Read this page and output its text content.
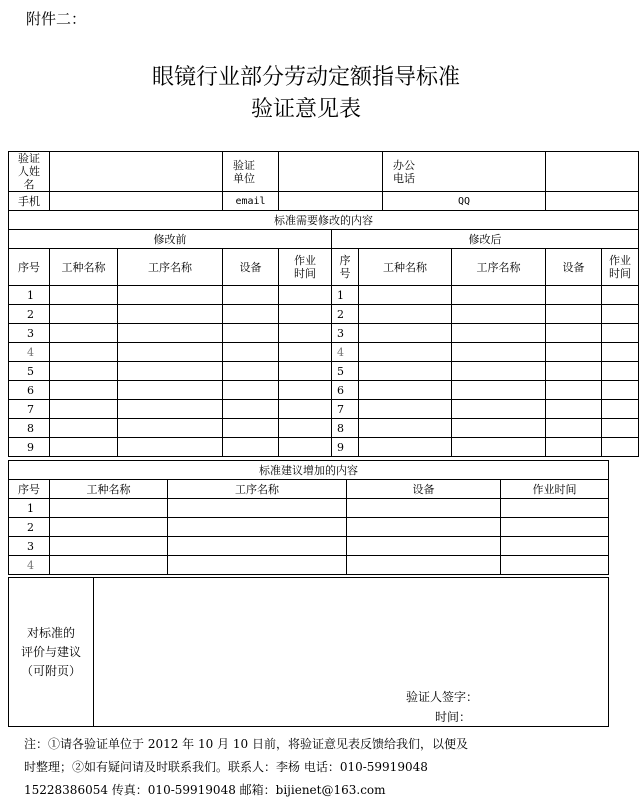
附件二：
眼镜行业部分劳动定额指导标准
验证意见表
验证人姓名			验证单位				办公电话			

手机			email				QQ			
标准需要修改的内容										
修改前					修改后					
序号	工种名称	工序名称	设备	作业时间	序号	工种名称		工序名称	设备	作业时间

1					1					
2					2					
3					3					
4					4					
5					5					
6					6					
7					7					
8					8					
9					9					
标准建议增加的内容				
序号	工种名称	工序名称	设备	作业时间
1				
2				
3				
4				
对标准的
评价与建议
（可附页）

验证人签字：
时间：
注：①请各验证单位于 2012 年 10 月 10 日前，将验证意见表反馈给我们，以便及
时整理；②如有疑问请及时联系我们。联系人：李杨 电话：010-59919048
15228386054 传真：010-59919048 邮箱：bijienet@163.com
